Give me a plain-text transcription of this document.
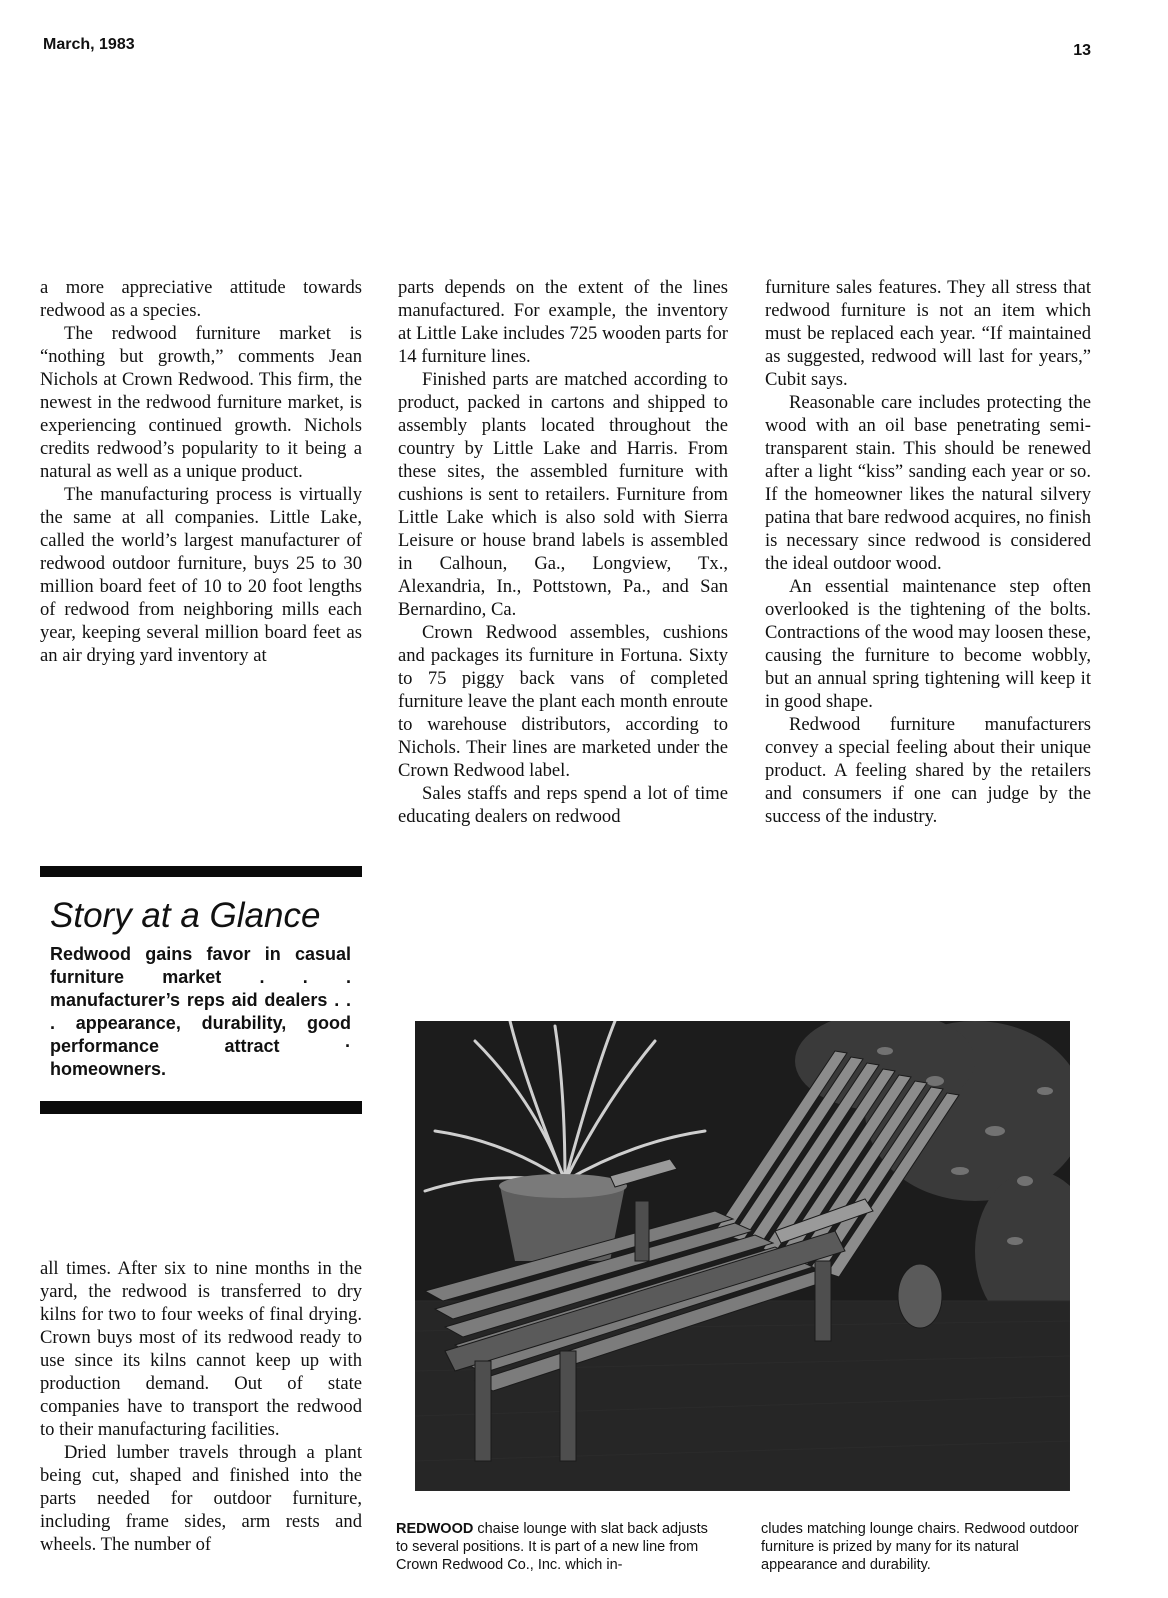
March, 1983	13

a more appreciative attitude towards redwood as a species.

The redwood furniture market is “nothing but growth,” comments Jean Nichols at Crown Redwood. This firm, the newest in the redwood furniture market, is experiencing continued growth. Nichols credits redwood’s popularity to it being a natural as well as a unique product.

The manufacturing process is virtually the same at all companies. Little Lake, called the world’s largest manufacturer of redwood outdoor furniture, buys 25 to 30 million board feet of 10 to 20 foot lengths of redwood from neighboring mills each year, keeping several million board feet as an air drying yard inventory at

Story at a Glance
Redwood gains favor in casual furniture market . . . manufacturer’s reps aid dealers . . . appearance, durability, good performance attract · homeowners.

all times. After six to nine months in the yard, the redwood is transferred to dry kilns for two to four weeks of final drying. Crown buys most of its redwood ready to use since its kilns cannot keep up with production demand. Out of state companies have to transport the redwood to their manufacturing facilities.

Dried lumber travels through a plant being cut, shaped and finished into the parts needed for outdoor furniture, including frame sides, arm rests and wheels. The number of

parts depends on the extent of the lines manufactured. For example, the inventory at Little Lake includes 725 wooden parts for 14 furniture lines.

Finished parts are matched according to product, packed in cartons and shipped to assembly plants located throughout the country by Little Lake and Harris. From these sites, the assembled furniture with cushions is sent to retailers. Furniture from Little Lake which is also sold with Sierra Leisure or house brand labels is assembled in Calhoun, Ga., Longview, Tx., Alexandria, In., Pottstown, Pa., and San Bernardino, Ca.

Crown Redwood assembles, cushions and packages its furniture in Fortuna. Sixty to 75 piggy back vans of completed furniture leave the plant each month enroute to warehouse distributors, according to Nichols. Their lines are marketed under the Crown Redwood label.

Sales staffs and reps spend a lot of time educating dealers on redwood

furniture sales features. They all stress that redwood furniture is not an item which must be replaced each year. “If maintained as suggested, redwood will last for years,” Cubit says.

Reasonable care includes protecting the wood with an oil base penetrating semi-transparent stain. This should be renewed after a light “kiss” sanding each year or so. If the homeowner likes the natural silvery patina that bare redwood acquires, no finish is necessary since redwood is considered the ideal outdoor wood.

An essential maintenance step often overlooked is the tightening of the bolts. Contractions of the wood may loosen these, causing the furniture to become wobbly, but an annual spring tightening will keep it in good shape.

Redwood furniture manufacturers convey a special feeling about their unique product. A feeling shared by the retailers and consumers if one can judge by the success of the industry.

REDWOOD chaise lounge with slat back adjusts to several positions. It is part of a new line from Crown Redwood Co., Inc. which in-
cludes matching lounge chairs. Redwood outdoor furniture is prized by many for its natural appearance and durability.
